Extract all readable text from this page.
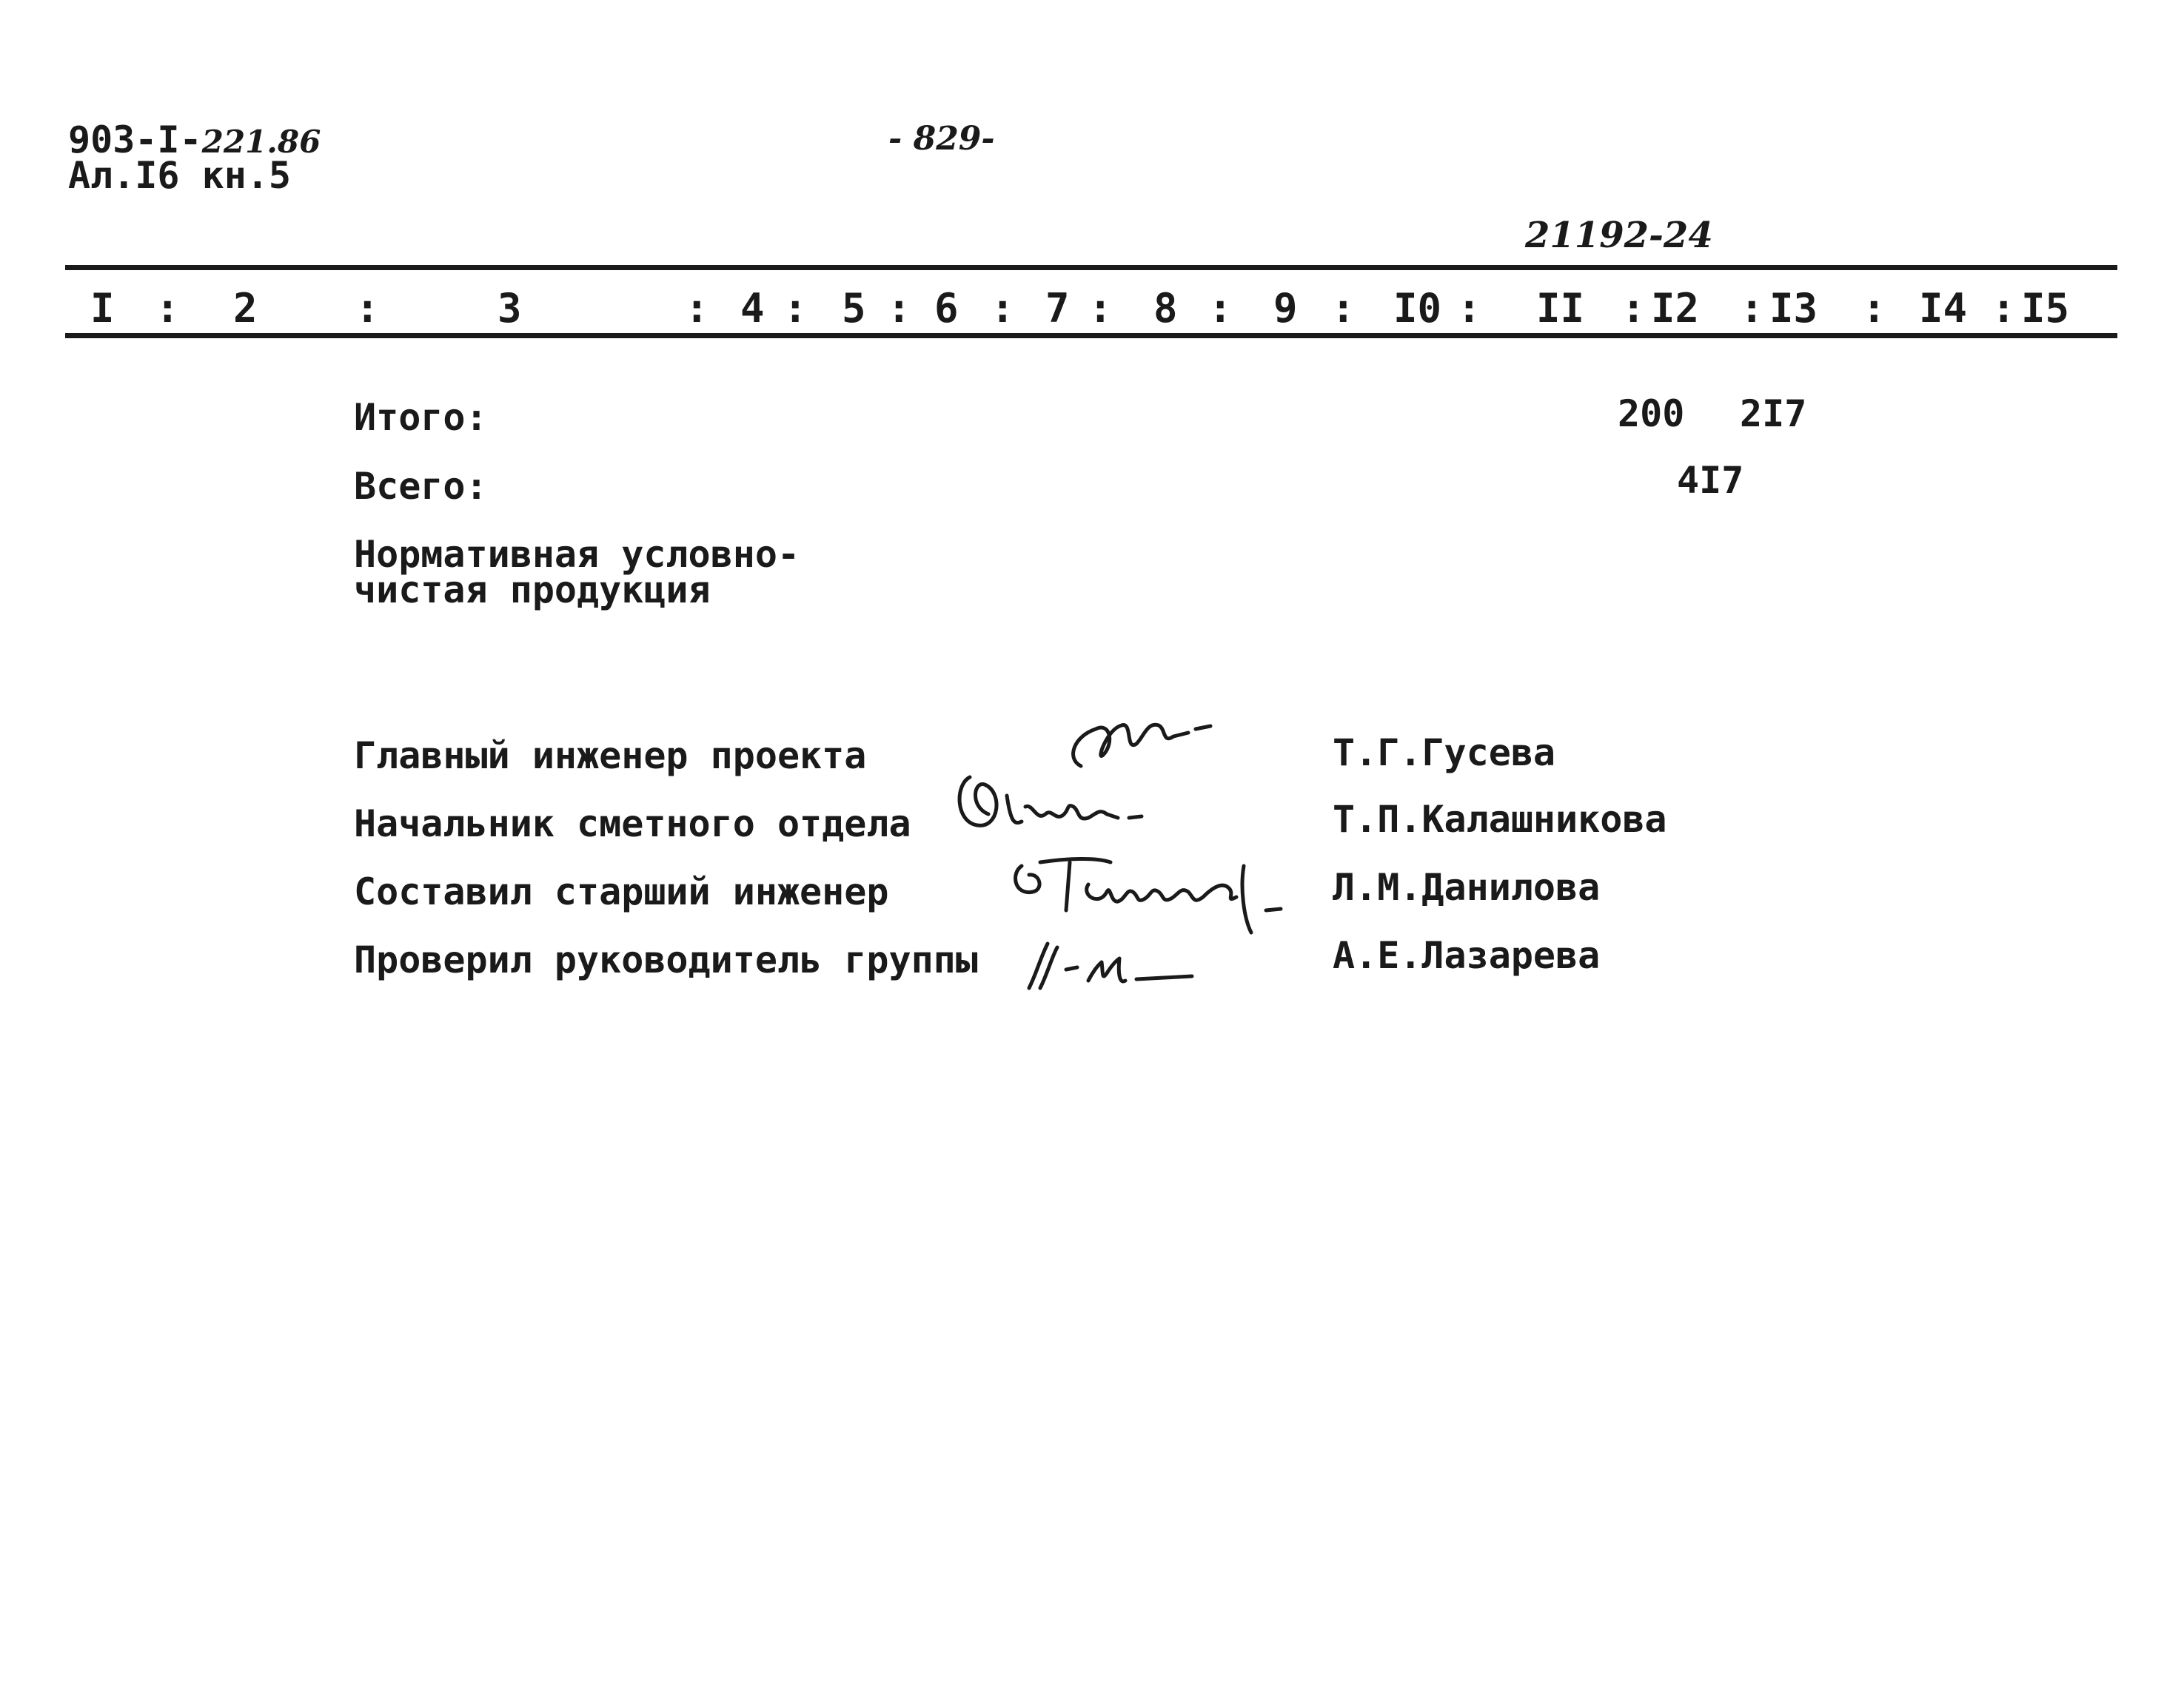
903-I-221.86
Ал.I6 кн.5
- 829-
21192-24
I : 2 :	3	: 4 : 5 : 6 : 7 : 8 : 9 : I0 : II : I2 : I3 : I4 : I5
Итого:	200 2I7
Всего:	4I7
Нормативная условно-
чистая продукция
Главный инженер проекта	Т.Г.Гусева
Начальник сметного отдела	Т.П.Калашникова
Составил старший инженер	Л.М.Данилова
Проверил руководитель группы	А.Е.Лазарева
